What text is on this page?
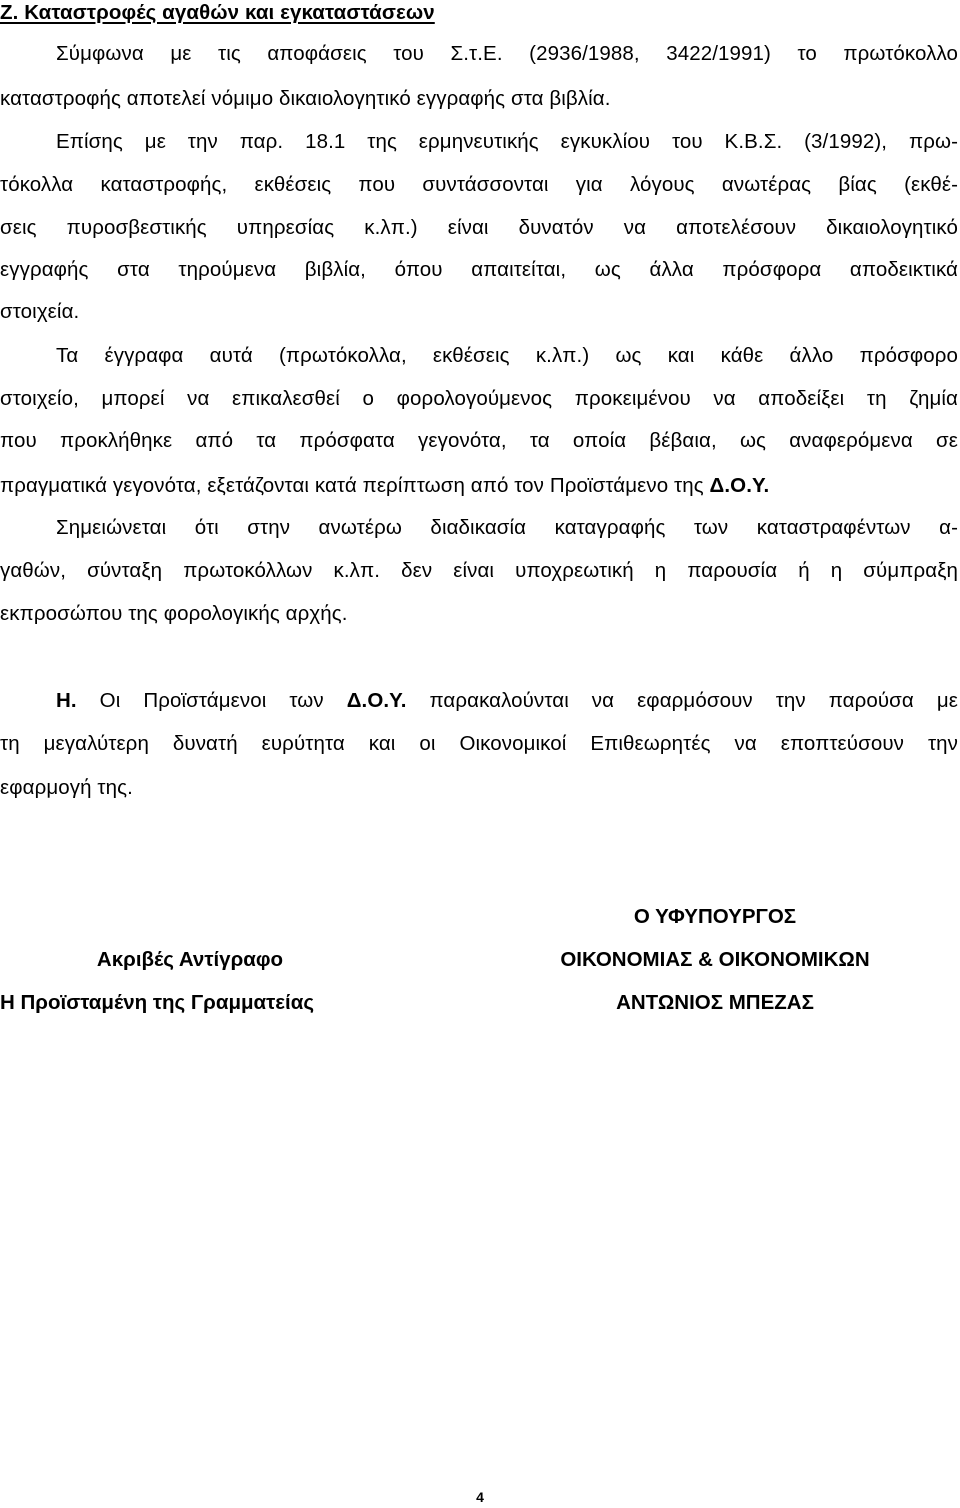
Ζ. Καταστροφές αγαθών και εγκαταστάσεων
Σύμφωνα με τις αποφάσεις του Σ.τ.Ε. (2936/1988, 3422/1991) το πρωτόκολλο
καταστροφής αποτελεί νόμιμο δικαιολογητικό εγγραφής στα βιβλία.
Επίσης με την παρ. 18.1 της ερμηνευτικής εγκυκλίου του Κ.Β.Σ. (3/1992), πρω-
τόκολλα καταστροφής, εκθέσεις που συντάσσονται για λόγους ανωτέρας βίας (εκθέ-
σεις πυροσβεστικής υπηρεσίας κ.λπ.) είναι δυνατόν να αποτελέσουν δικαιολογητικό
εγγραφής στα τηρούμενα βιβλία, όπου απαιτείται, ως άλλα πρόσφορα αποδεικτικά
στοιχεία.
Τα έγγραφα αυτά (πρωτόκολλα, εκθέσεις κ.λπ.) ως και κάθε άλλο πρόσφορο
στοιχείο, μπορεί να επικαλεσθεί ο φορολογούμενος προκειμένου να αποδείξει τη ζημία
που προκλήθηκε από τα πρόσφατα γεγονότα, τα οποία βέβαια, ως αναφερόμενα σε
πραγματικά γεγονότα, εξετάζονται κατά περίπτωση από τον Προϊστάμενο της Δ.Ο.Υ.
Σημειώνεται ότι στην ανωτέρω διαδικασία καταγραφής των καταστραφέντων α-
γαθών, σύνταξη πρωτοκόλλων κ.λπ. δεν είναι υποχρεωτική η παρουσία ή η σύμπραξη
εκπροσώπου της φορολογικής αρχής.
Η. Οι Προϊστάμενοι των Δ.Ο.Υ. παρακαλούνται να εφαρμόσουν την παρούσα με
τη μεγαλύτερη δυνατή ευρύτητα και οι Οικονομικοί Επιθεωρητές να εποπτεύσουν την
εφαρμογή της.
Ο ΥΦΥΠΟΥΡΓΟΣ
Ακριβές Αντίγραφο	ΟΙΚΟΝΟΜΙΑΣ & ΟΙΚΟΝΟΜΙΚΩΝ
Η Προϊσταμένη της Γραμματείας	ΑΝΤΩΝΙΟΣ ΜΠΕΖΑΣ
4
